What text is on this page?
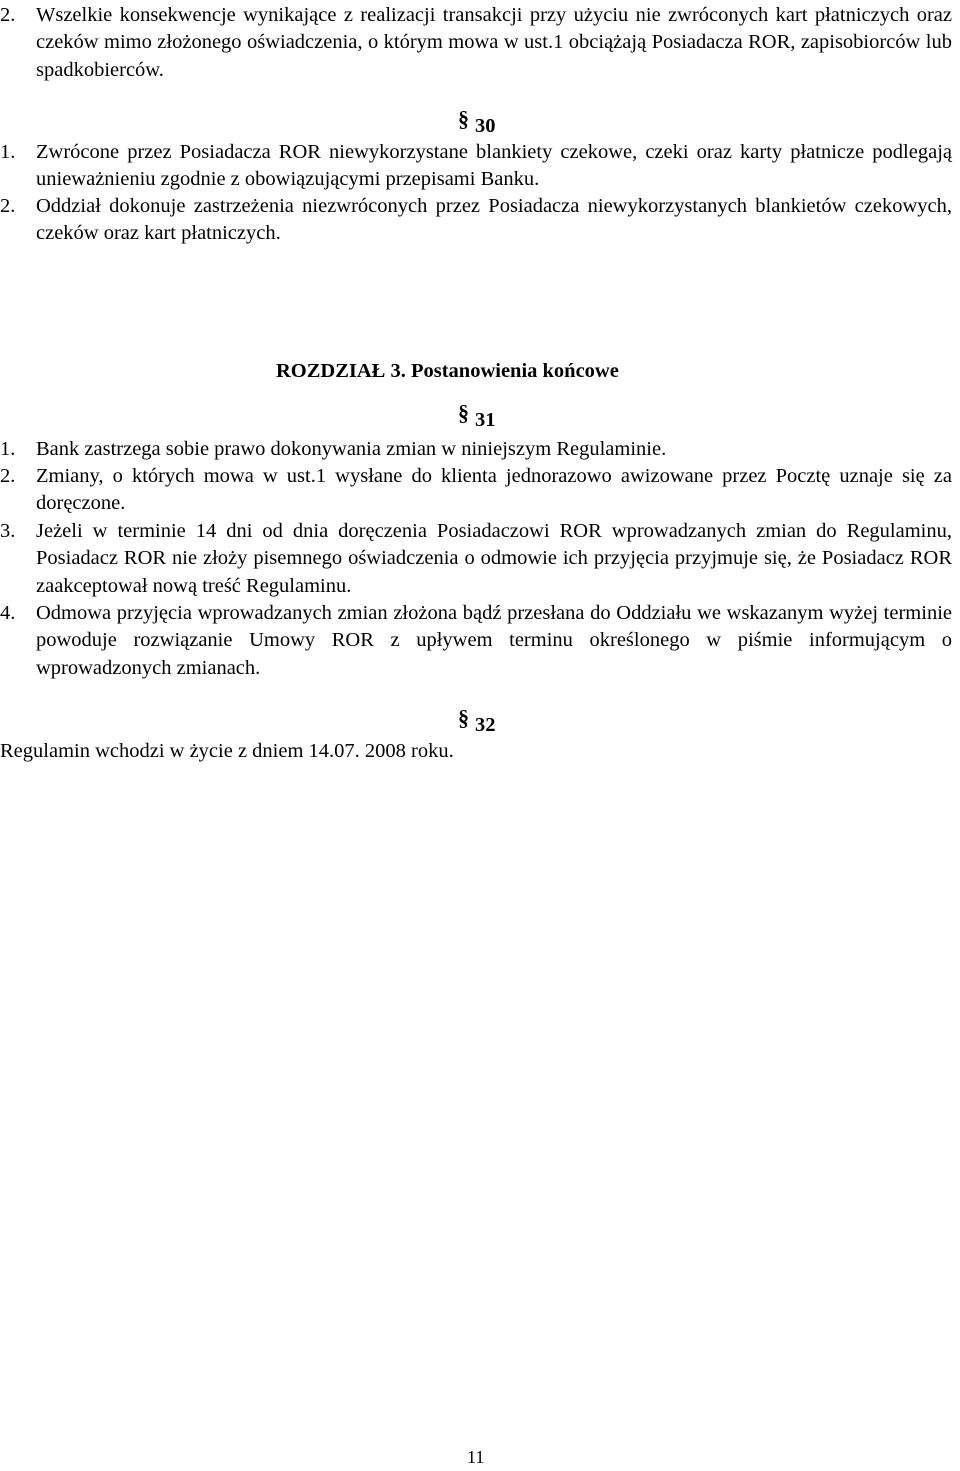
2. Wszelkie konsekwencje wynikające z realizacji transakcji przy użyciu nie zwróconych kart płatniczych oraz czeków mimo złożonego oświadczenia, o którym mowa w ust.1 obciążają Posiadacza ROR, zapisobiorców lub spadkobierców.
§ 30
1. Zwrócone przez Posiadacza ROR niewykorzystane blankiety czekowe, czeki oraz karty płatnicze podlegają unieważnieniu zgodnie z obowiązującymi przepisami Banku.
2. Oddział dokonuje zastrzeżenia niezwróconych przez Posiadacza niewykorzystanych blankietów czekowych, czeków oraz kart płatniczych.
ROZDZIAŁ 3. Postanowienia końcowe
§ 31
1. Bank zastrzega sobie prawo dokonywania zmian w niniejszym Regulaminie.
2. Zmiany, o których mowa w ust.1 wysłane do klienta jednorazowo awizowane przez Pocztę uznaje się za doręczone.
3. Jeżeli w terminie 14 dni od dnia doręczenia Posiadaczowi ROR wprowadzanych zmian do Regulaminu, Posiadacz ROR nie złoży pisemnego oświadczenia o odmowie ich przyjęcia przyjmuje się, że Posiadacz ROR zaakceptował nową treść Regulaminu.
4. Odmowa przyjęcia wprowadzanych zmian złożona bądź przesłana do Oddziału we wskazanym wyżej terminie powoduje rozwiązanie Umowy ROR z upływem terminu określonego w piśmie informującym o wprowadzonych zmianach.
§ 32
Regulamin wchodzi w życie z dniem 14.07. 2008 roku.
11
